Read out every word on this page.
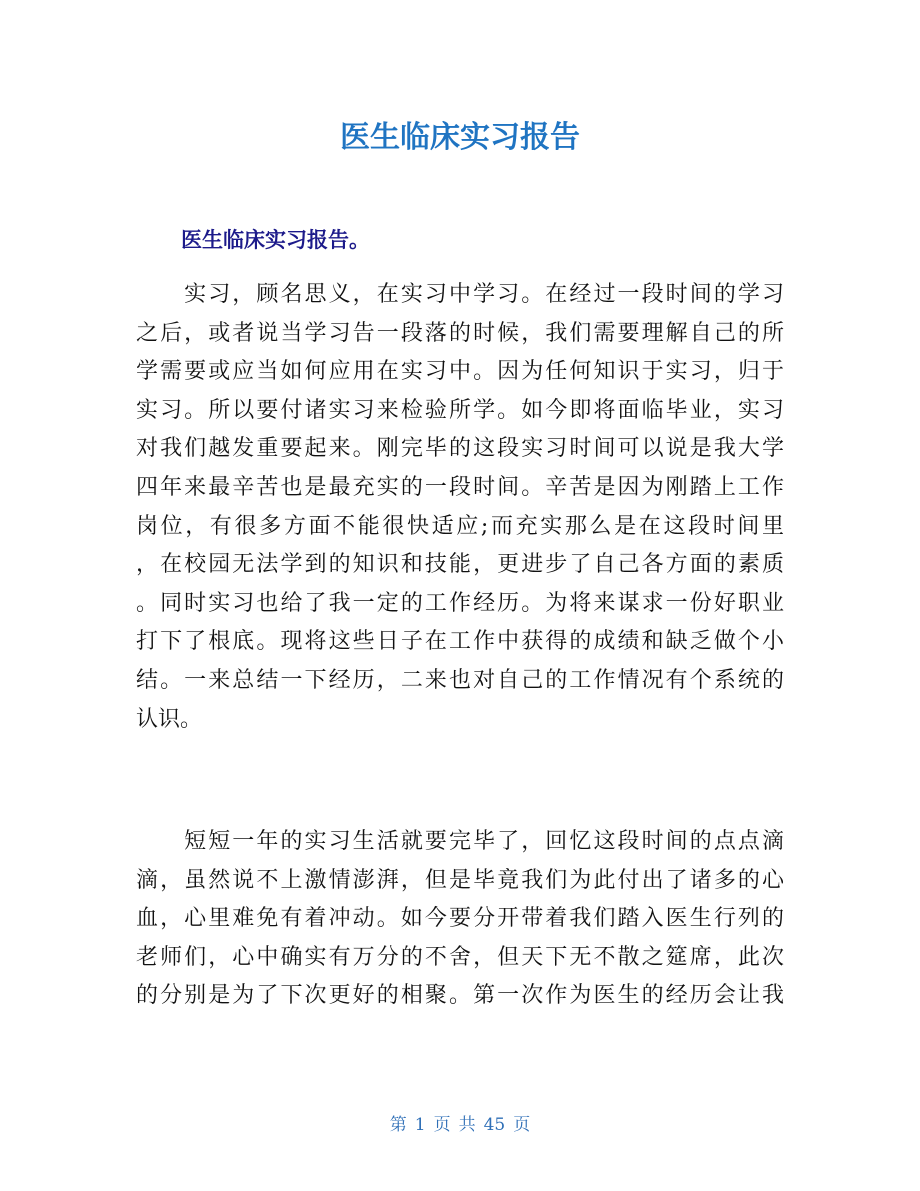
医生临床实习报告
医生临床实习报告。
　　实习，顾名思义，在实习中学习。在经过一段时间的学习
之后，或者说当学习告一段落的时候，我们需要理解自己的所
学需要或应当如何应用在实习中。因为任何知识于实习，归于
实习。所以要付诸实习来检验所学。如今即将面临毕业，实习
对我们越发重要起来。刚完毕的这段实习时间可以说是我大学
四年来最辛苦也是最充实的一段时间。辛苦是因为刚踏上工作
岗位，有很多方面不能很快适应;而充实那么是在这段时间里
，在校园无法学到的知识和技能，更进步了自己各方面的素质
。同时实习也给了我一定的工作经历。为将来谋求一份好职业
打下了根底。现将这些日子在工作中获得的成绩和缺乏做个小
结。一来总结一下经历，二来也对自己的工作情况有个系统的
认识。
　　短短一年的实习生活就要完毕了，回忆这段时间的点点滴
滴，虽然说不上激情澎湃，但是毕竟我们为此付出了诸多的心
血，心里难免有着冲动。如今要分开带着我们踏入医生行列的
老师们，心中确实有万分的不舍，但天下无不散之筵席，此次
的分别是为了下次更好的相聚。第一次作为医生的经历会让我
第 1 页 共 45 页
